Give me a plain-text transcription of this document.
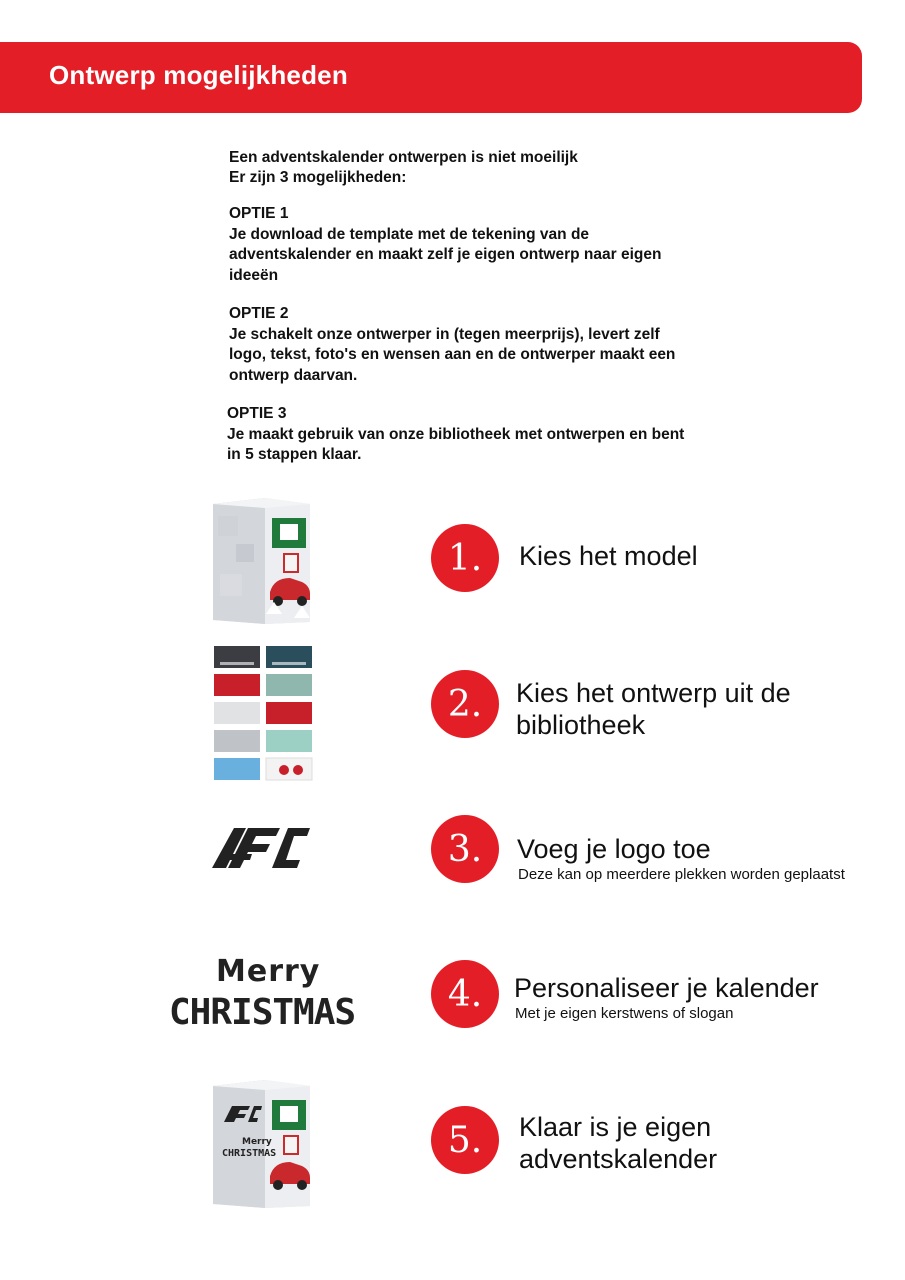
Ontwerp mogelijkheden

Een adventskalender ontwerpen is niet moeilijk

Er zijn 3 mogelijkheden:

OPTIE 1
Je download de template met de tekening van de
adventskalender en maakt zelf je eigen ontwerp naar eigen
ideeën
OPTIE 2
Je schakelt onze ontwerper in (tegen meerprijs), levert zelf
logo, tekst, foto's en wensen aan en de ontwerper maakt een
ontwerp daarvan.
OPTIE 3
Je maakt gebruik van onze bibliotheek met ontwerpen en bent
in 5 stappen klaar.
Merry
CHRISTMAS
Merry
CHRISTMAS
1.
2.
3.
4.
5.
Kies het model
Kies het ontwerp uit de
bibliotheek
Voeg je logo toe
Deze kan op meerdere plekken worden geplaatst
Personaliseer je kalender
Met je eigen kerstwens of slogan
Klaar is je eigen
adventskalender
